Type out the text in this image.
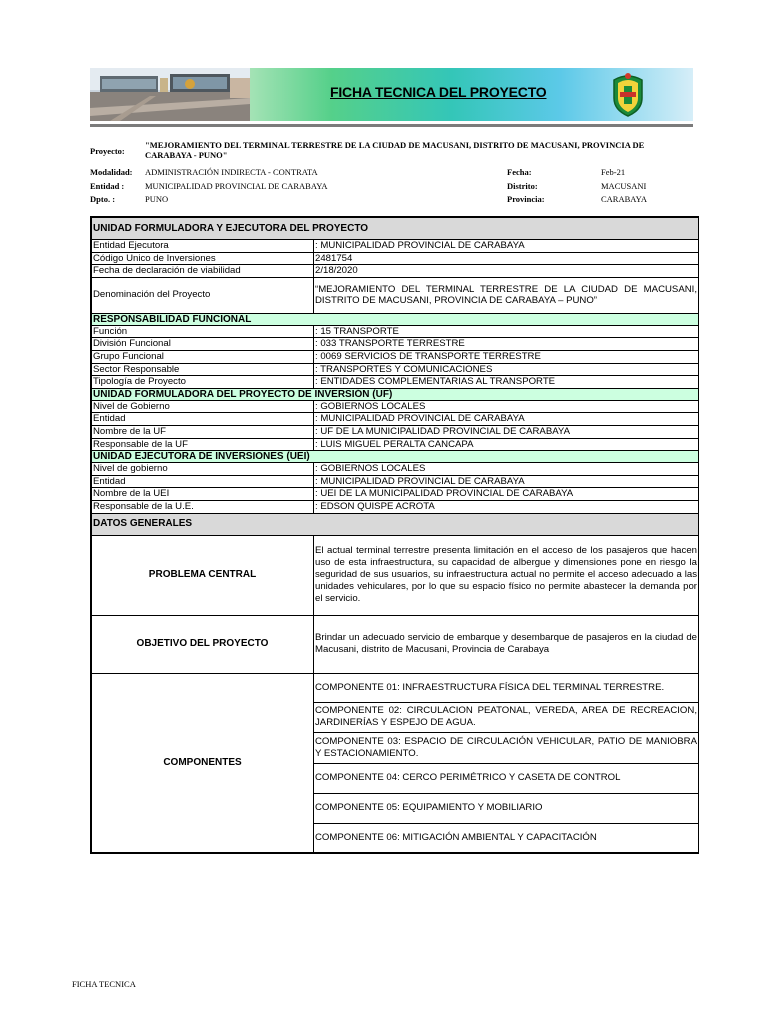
FICHA TECNICA DEL PROYECTO
Proyecto:
"MEJORAMIENTO DEL TERMINAL TERRESTRE DE LA CIUDAD DE MACUSANI, DISTRITO DE MACUSANI, PROVINCIA DE CARABAYA - PUNO"
Modalidad: ADMINISTRACIÓN INDIRECTA - CONTRATA
Entidad : MUNICIPALIDAD PROVINCIAL DE CARABAYA
Dpto. :	PUNO
Fecha:	Feb-21
Distrito:	MACUSANI
Provincia:	CARABAYA
UNIDAD FORMULADORA Y EJECUTORA DEL PROYECTO	
Entidad Ejecutora	: MUNICIPALIDAD PROVINCIAL DE CARABAYA
Código Unico de Inversiones	2481754
Fecha de declaración de viabilidad	2/18/2020
Denominación del Proyecto	“MEJORAMIENTO DEL TERMINAL TERRESTRE DE LA CIUDAD DE MACUSANI, DISTRITO DE MACUSANI, PROVINCIA DE CARABAYA – PUNO”
RESPONSABILIDAD FUNCIONAL	
Función	: 15 TRANSPORTE
División Funcional	: 033 TRANSPORTE TERRESTRE
Grupo Funcional	: 0069 SERVICIOS DE TRANSPORTE TERRESTRE
Sector Responsable	: TRANSPORTES Y COMUNICACIONES
Tipología de Proyecto	: ENTIDADES COMPLEMENTARIAS AL TRANSPORTE
UNIDAD FORMULADORA DEL PROYECTO DE INVERSIÓN (UF)	
Nivel de Gobierno	: GOBIERNOS LOCALES
Entidad	: MUNICIPALIDAD PROVINCIAL DE CARABAYA
Nombre de la UF	: UF DE LA MUNICIPALIDAD PROVINCIAL DE CARABAYA
Responsable de la UF	: LUIS MIGUEL PERALTA CANCAPA
UNIDAD EJECUTORA DE INVERSIONES (UEI)	
Nivel de gobierno	: GOBIERNOS LOCALES
Entidad	: MUNICIPALIDAD PROVINCIAL DE CARABAYA
Nombre de la UEI	: UEI DE LA MUNICIPALIDAD PROVINCIAL DE CARABAYA
Responsable de la U.E.	: EDSON QUISPE ACROTA
DATOS GENERALES	
PROBLEMA CENTRAL	El actual terminal terrestre presenta limitación en el acceso de los pasajeros que hacen uso de esta infraestructura, su capacidad de albergue y dimensiones pone en riesgo la seguridad de sus usuarios, su infraestructura actual no permite el acceso adecuado a las unidades vehiculares, por lo que su espacio físico no permite abastecer la demanda por el servicio.
OBJETIVO DEL PROYECTO	Brindar un adecuado servicio de embarque y desembarque de pasajeros en la ciudad de Macusani, distrito de Macusani, Provincia de Carabaya
COMPONENTES	COMPONENTE 01: INFRAESTRUCTURA FÍSICA DEL TERMINAL TERRESTRE.
	COMPONENTE 02: CIRCULACION PEATONAL, VEREDA, AREA DE RECREACION, JARDINERÍAS Y ESPEJO DE AGUA.
	COMPONENTE 03: ESPACIO DE CIRCULACIÓN VEHICULAR, PATIO DE MANIOBRA Y ESTACIONAMIENTO.
	COMPONENTE 04: CERCO PERIMÉTRICO Y CASETA DE CONTROL
	COMPONENTE 05: EQUIPAMIENTO Y MOBILIARIO
	COMPONENTE 06: MITIGACIÓN AMBIENTAL Y CAPACITACIÓN
FICHA TECNICA
